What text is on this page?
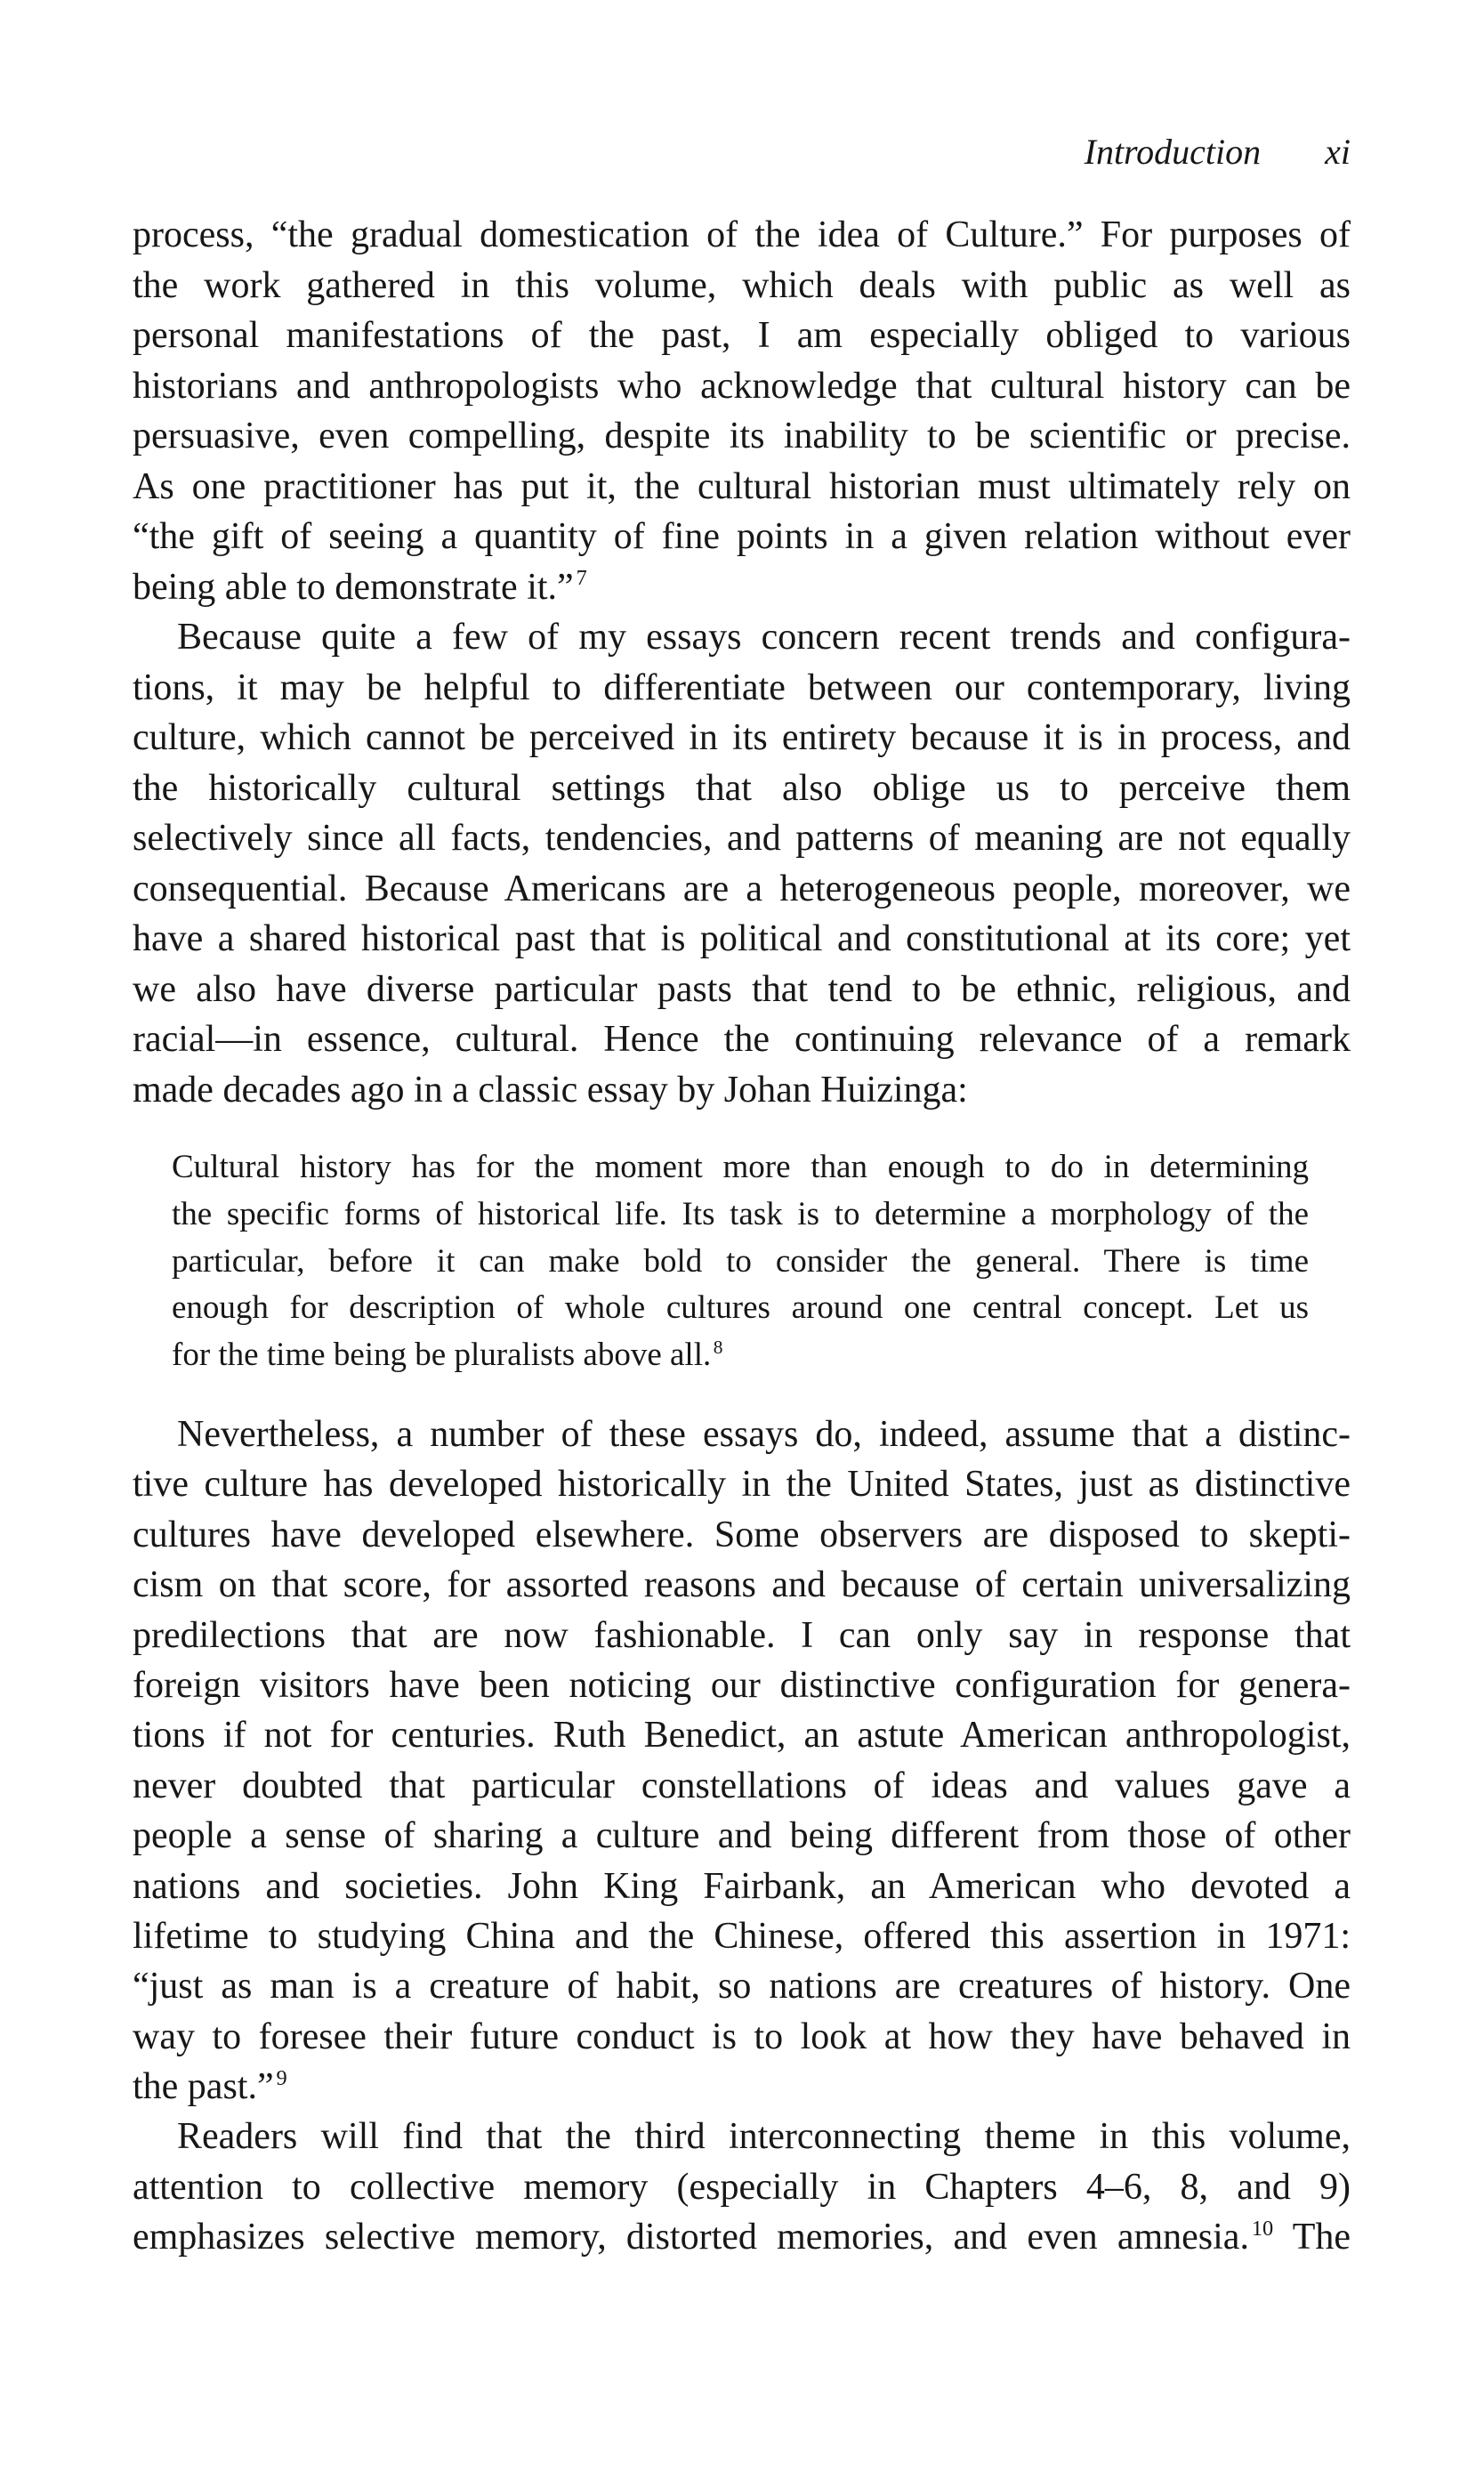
Introduction xi
process, “the gradual domestication of the idea of Culture.” For purposes of
the work gathered in this volume, which deals with public as well as
personal manifestations of the past, I am especially obliged to various
historians and anthropologists who acknowledge that cultural history can be
persuasive, even compelling, despite its inability to be scientific or precise.
As one practitioner has put it, the cultural historian must ultimately rely on
“the gift of seeing a quantity of fine points in a given relation without ever
being able to demonstrate it.” $^7$
Because quite a few of my essays concern recent trends and configura-
tions, it may be helpful to differentiate between our contemporary, living
culture, which cannot be perceived in its entirety because it is in process, and
the historically cultural settings that also oblige us to perceive them
selectively since all facts, tendencies, and patterns of meaning are not equally
consequential. Because Americans are a heterogeneous people, moreover, we
have a shared historical past that is political and constitutional at its core; yet
we also have diverse particular pasts that tend to be ethnic, religious, and
racial—in essence, cultural. Hence the continuing relevance of a remark
made decades ago in a classic essay by Johan Huizinga:
Cultural history has for the moment more than enough to do in determining
the specific forms of historical life. Its task is to determine a morphology of the
particular, before it can make bold to consider the general. There is time
enough for description of whole cultures around one central concept. Let us
for the time being be pluralists above all. $^8$
Nevertheless, a number of these essays do, indeed, assume that a distinc-
tive culture has developed historically in the United States, just as distinctive
cultures have developed elsewhere. Some observers are disposed to skepti-
cism on that score, for assorted reasons and because of certain universalizing
predilections that are now fashionable. I can only say in response that
foreign visitors have been noticing our distinctive configuration for genera-
tions if not for centuries. Ruth Benedict, an astute American anthropologist,
never doubted that particular constellations of ideas and values gave a
people a sense of sharing a culture and being different from those of other
nations and societies. John King Fairbank, an American who devoted a
lifetime to studying China and the Chinese, offered this assertion in 1971:
“just as man is a creature of habit, so nations are creatures of history. One
way to foresee their future conduct is to look at how they have behaved in
the past.” $^9$
Readers will find that the third interconnecting theme in this volume,
attention to collective memory (especially in Chapters 4–6, 8, and 9)
emphasizes selective memory, distorted memories, and even amnesia. $^{10}$ The
